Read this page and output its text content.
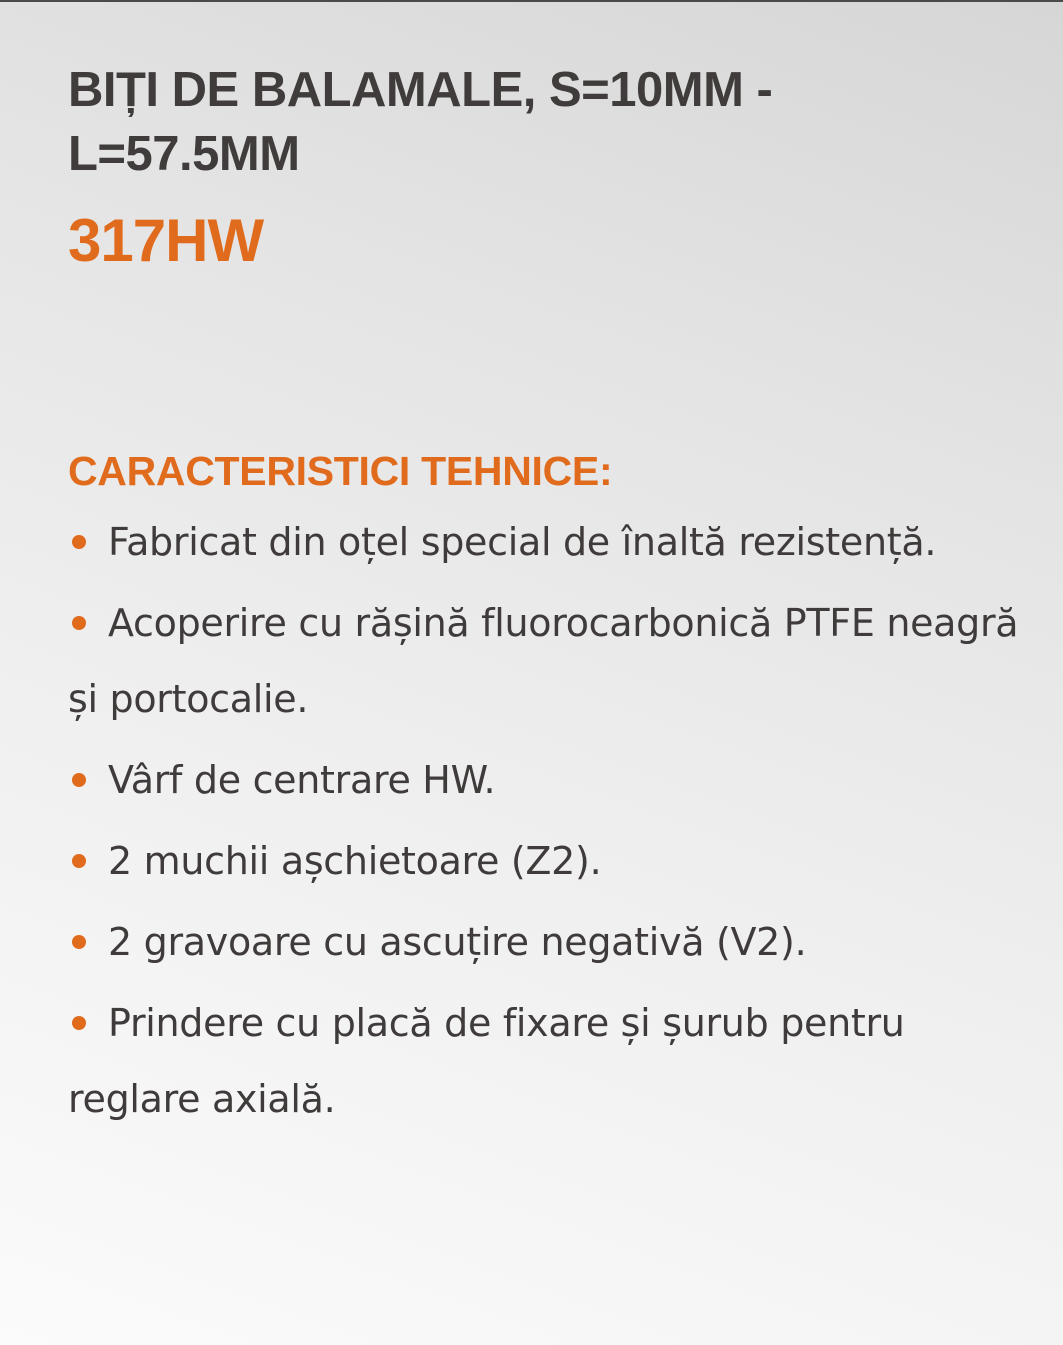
BIȚI DE BALAMALE, S=10MM - L=57.5MM
317HW
CARACTERISTICI TEHNICE:
Fabricat din oțel special de înaltă rezistență.
Acoperire cu rășină fluorocarbonică PTFE neagră și portocalie.
Vârf de centrare HW.
2 muchii așchietoare (Z2).
2 gravoare cu ascuțire negativă (V2).
Prindere cu placă de fixare și șurub pentru reglare axială.
